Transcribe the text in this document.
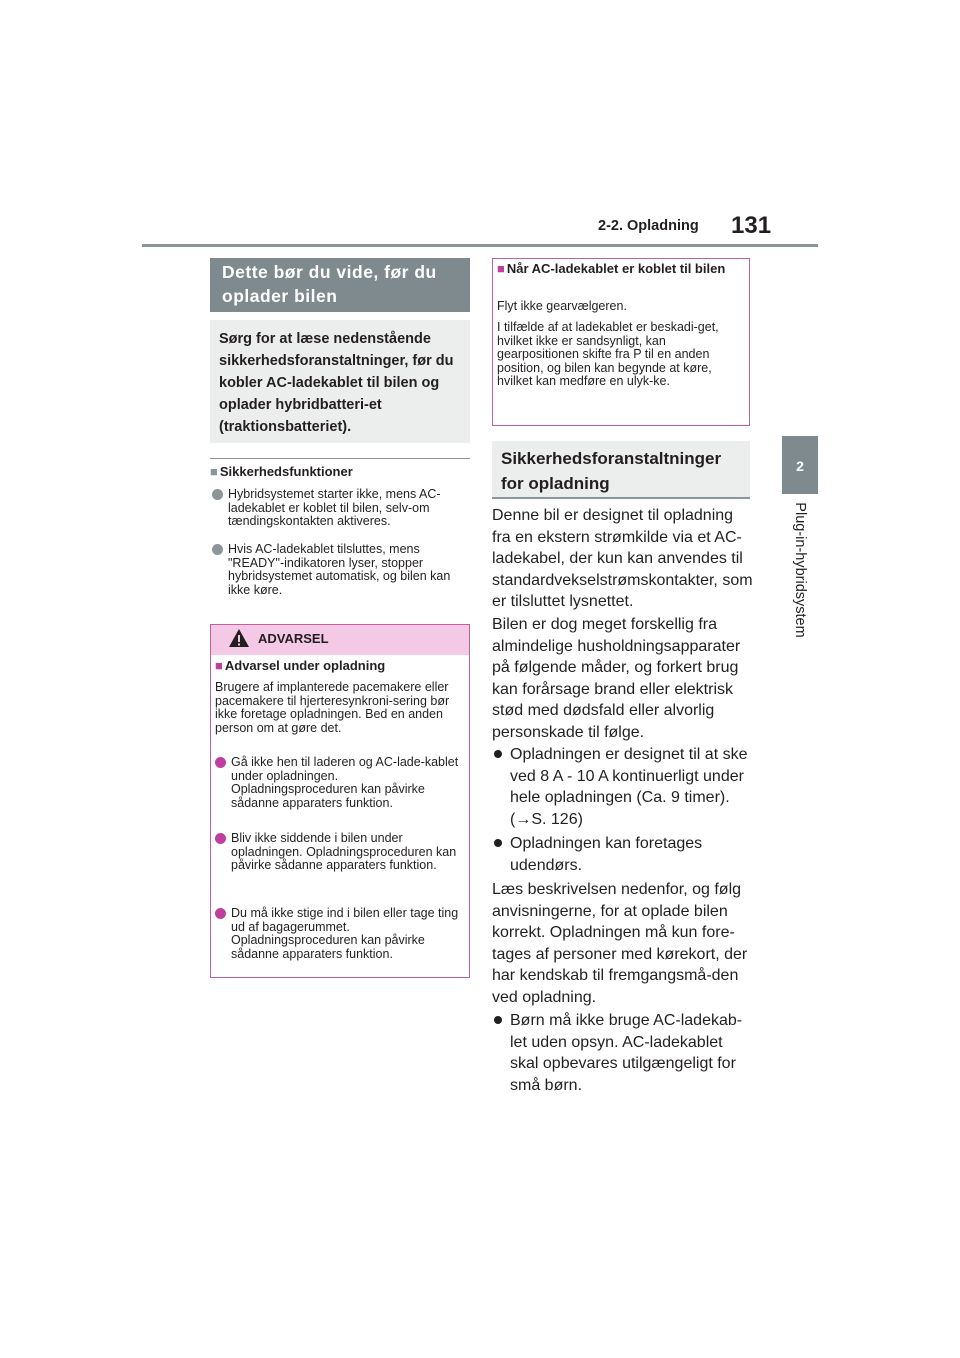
2-2. Opladning 131
2
Plug-in-hybridsystem
Dette bør du vide, før du oplader bilen
Sørg for at læse nedenstående sikkerhedsforanstaltninger, før du kobler AC-ladekablet til bilen og oplader hybridbatteri-et (traktionsbatteriet).
■ Sikkerhedsfunktioner
Hybridsystemet starter ikke, mens AC-ladekablet er koblet til bilen, selv-om tændingskontakten aktiveres.
Hvis AC-ladekablet tilsluttes, mens "READY"-indikatoren lyser, stopper hybridsystemet automatisk, og bilen kan ikke køre.
ADVARSEL
■ Advarsel under opladning
Brugere af implanterede pacemakere eller pacemakere til hjerteresynkroni-sering bør ikke foretage opladningen. Bed en anden person om at gøre det.
Gå ikke hen til laderen og AC-lade-kablet under opladningen. Opladningsproceduren kan påvirke sådanne apparaters funktion.
Bliv ikke siddende i bilen under opladningen. Opladningsproceduren kan påvirke sådanne apparaters funktion.
Du må ikke stige ind i bilen eller tage ting ud af bagagerummet. Opladningsproceduren kan påvirke sådanne apparaters funktion.
■ Når AC-ladekablet er koblet til bilen
Flyt ikke gearvælgeren.
I tilfælde af at ladekablet er beskadi-get, hvilket ikke er sandsynligt, kan gearpositionen skifte fra P til en anden position, og bilen kan begynde at køre, hvilket kan medføre en ulyk-ke.
Sikkerhedsforanstaltninger for opladning
Denne bil er designet til opladning fra en ekstern strømkilde via et AC-ladekabel, der kun kan anvendes til standardvekselstrømskontakter, som er tilsluttet lysnettet.
Bilen er dog meget forskellig fra almindelige husholdningsapparater på følgende måder, og forkert brug kan forårsage brand eller elektrisk stød med dødsfald eller alvorlig personskade til følge.
Opladningen er designet til at ske ved 8 A - 10 A kontinuerligt under hele opladningen (Ca. 9 timer). (→S. 126)
Opladningen kan foretages udendørs.
Læs beskrivelsen nedenfor, og følg anvisningerne, for at oplade bilen korrekt. Opladningen må kun fore-tages af personer med kørekort, der har kendskab til fremgangsmå-den ved opladning.
Børn må ikke bruge AC-ladekab-let uden opsyn. AC-ladekablet skal opbevares utilgængeligt for små børn.
